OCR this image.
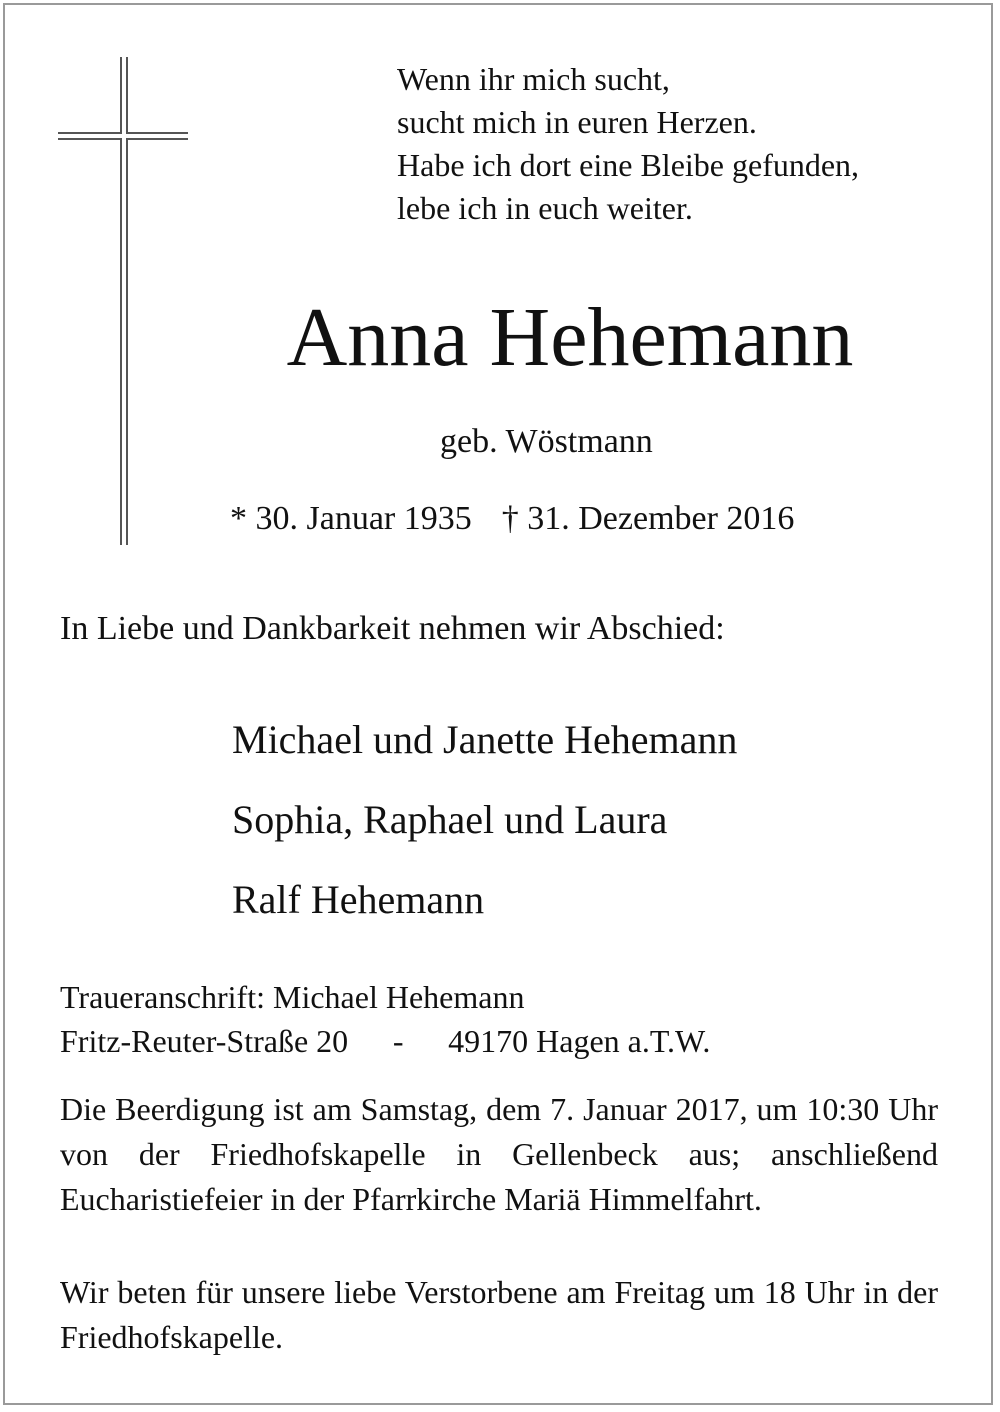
Wenn ihr mich sucht,
sucht mich in euren Herzen.
Habe ich dort eine Bleibe gefunden,
lebe ich in euch weiter.
Anna Hehemann
geb. Wöstmann
* 30. Januar 1935 † 31. Dezember 2016
In Liebe und Dankbarkeit nehmen wir Abschied:
Michael und Janette Hehemann
Sophia, Raphael und Laura
Ralf Hehemann
Traueranschrift: Michael Hehemann
Fritz-Reuter-Straße 20 - 49170 Hagen a.T.W.
Die Beerdigung ist am Samstag, dem 7. Januar 2017, um 10:30 Uhr von der Friedhofskapelle in Gellenbeck aus; anschließend Eucharistiefeier in der Pfarrkirche Mariä Himmelfahrt.
Wir beten für unsere liebe Verstorbene am Freitag um 18 Uhr in der Friedhofskapelle.
